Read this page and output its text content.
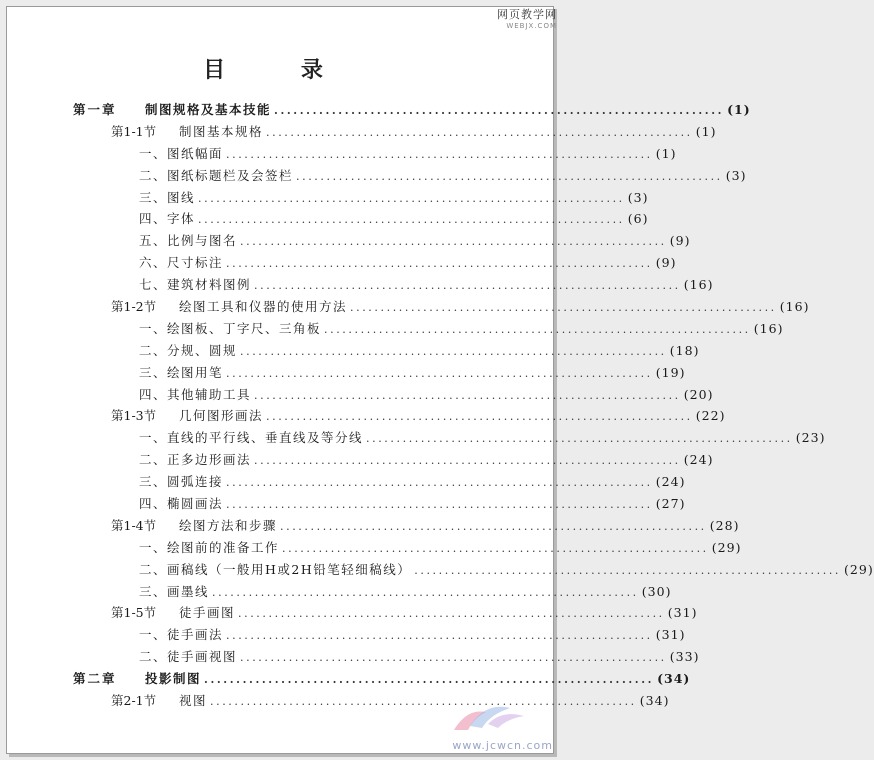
目 录
第一章 制图规格及基本技能 ...................................................................... (1)
第1-1节 制图基本规格 ...................................................................... (1)
一、图纸幅面 ...................................................................... (1)
二、图纸标题栏及会签栏 ...................................................................... (3)
三、图线 ...................................................................... (3)
四、字体 ...................................................................... (6)
五、比例与图名 ...................................................................... (9)
六、尺寸标注 ...................................................................... (9)
七、建筑材料图例 ...................................................................... (16)
第1-2节 绘图工具和仪器的使用方法 ...................................................................... (16)
一、绘图板、丁字尺、三角板 ...................................................................... (16)
二、分规、圆规 ...................................................................... (18)
三、绘图用笔 ...................................................................... (19)
四、其他辅助工具 ...................................................................... (20)
第1-3节 几何图形画法 ...................................................................... (22)
一、直线的平行线、垂直线及等分线 ...................................................................... (23)
二、正多边形画法 ...................................................................... (24)
三、圆弧连接 ...................................................................... (24)
四、椭圆画法 ...................................................................... (27)
第1-4节 绘图方法和步骤 ...................................................................... (28)
一、绘图前的准备工作 ...................................................................... (29)
二、画稿线（一般用H或2H铅笔轻细稿线） ...................................................................... (29)
三、画墨线 ...................................................................... (30)
第1-5节 徒手画图 ...................................................................... (31)
一、徒手画法 ...................................................................... (31)
二、徒手画视图 ...................................................................... (33)
第二章 投影制图 ...................................................................... (34)
第2-1节 视图 ...................................................................... (34)
网页教学网
WEBJX.COM
www.jcwcn.com
